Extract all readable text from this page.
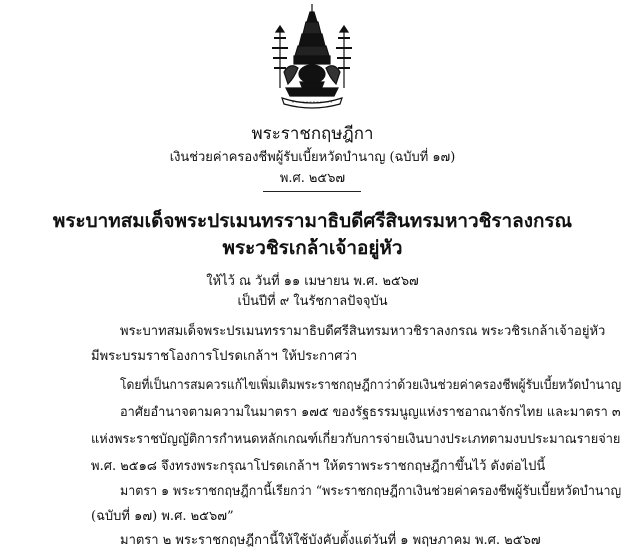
พระราชกฤษฎีกา
เงินช่วยค่าครองชีพผู้รับเบี้ยหวัดบำนาญ (ฉบับที่ ๑๗)
พ.ศ. ๒๕๖๗
พระบาทสมเด็จพระปรเมนทรรามาธิบดีศรีสินทรมหาวชิราลงกรณ
พระวชิรเกล้าเจ้าอยู่หัว
ให้ไว้ ณ วันที่ ๑๑ เมษายน พ.ศ. ๒๕๖๗
เป็นปีที่ ๙ ในรัชกาลปัจจุบัน
พระบาทสมเด็จพระปรเมนทรรามาธิบดีศรีสินทรมหาวชิราลงกรณ พระวชิรเกล้าเจ้าอยู่หัว
มีพระบรมราชโองการโปรดเกล้าฯ ให้ประกาศว่า
โดยที่เป็นการสมควรแก้ไขเพิ่มเติมพระราชกฤษฎีกาว่าด้วยเงินช่วยค่าครองชีพผู้รับเบี้ยหวัดบำนาญ
อาศัยอำนาจตามความในมาตรา ๑๗๕ ของรัฐธรรมนูญแห่งราชอาณาจักรไทย และมาตรา ๓
แห่งพระราชบัญญัติการกำหนดหลักเกณฑ์เกี่ยวกับการจ่ายเงินบางประเภทตามงบประมาณรายจ่าย
พ.ศ. ๒๕๑๘ จึงทรงพระกรุณาโปรดเกล้าฯ ให้ตราพระราชกฤษฎีกาขึ้นไว้ ดังต่อไปนี้
มาตรา ๑ พระราชกฤษฎีกานี้เรียกว่า “พระราชกฤษฎีกาเงินช่วยค่าครองชีพผู้รับเบี้ยหวัดบำนาญ
(ฉบับที่ ๑๗) พ.ศ. ๒๕๖๗”
มาตรา ๒ พระราชกฤษฎีกานี้ให้ใช้บังคับตั้งแต่วันที่ ๑ พฤษภาคม พ.ศ. ๒๕๖๗
